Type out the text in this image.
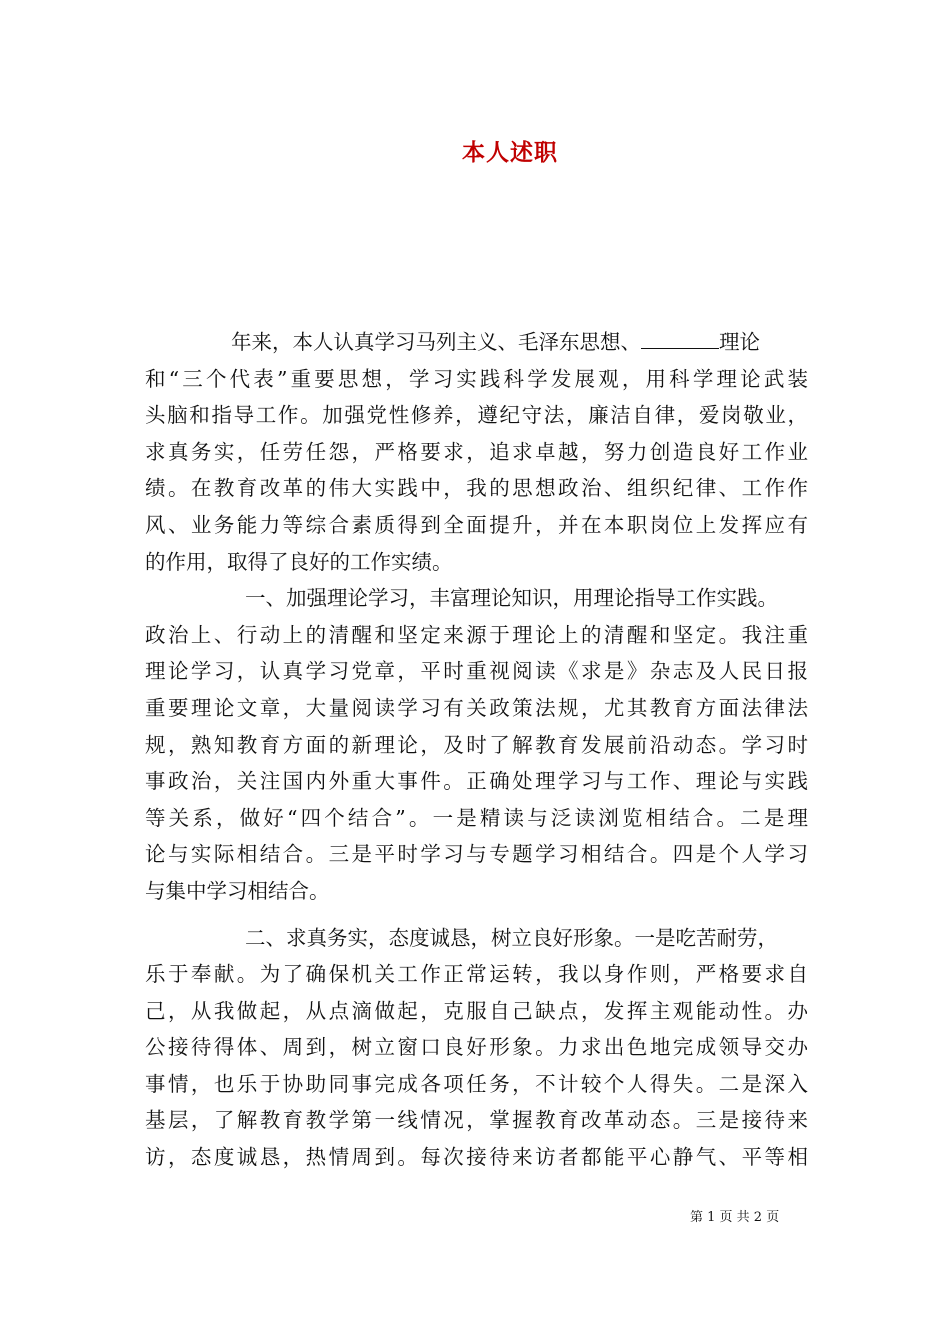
本人述职
年来，本人认真学习马列主义、毛泽东思想、	理论
和“三个代表”重要思想，学习实践科学发展观，用科学理论武装
头脑和指导工作。加强党性修养，遵纪守法，廉洁自律，爱岗敬业，
求真务实，任劳任怨，严格要求，追求卓越，努力创造良好工作业
绩。在教育改革的伟大实践中，我的思想政治、组织纪律、工作作
风、业务能力等综合素质得到全面提升，并在本职岗位上发挥应有
的作用，取得了良好的工作实绩。
一、加强理论学习，丰富理论知识，用理论指导工作实践。
政治上、行动上的清醒和坚定来源于理论上的清醒和坚定。我注重
理论学习，认真学习党章，平时重视阅读《求是》杂志及人民日报
重要理论文章，大量阅读学习有关政策法规，尤其教育方面法律法
规，熟知教育方面的新理论，及时了解教育发展前沿动态。学习时
事政治，关注国内外重大事件。正确处理学习与工作、理论与实践
等关系，做好“四个结合”。一是精读与泛读浏览相结合。二是理
论与实际相结合。三是平时学习与专题学习相结合。四是个人学习
与集中学习相结合。
二、求真务实，态度诚恳，树立良好形象。一是吃苦耐劳，
乐于奉献。为了确保机关工作正常运转，我以身作则，严格要求自
己，从我做起，从点滴做起，克服自己缺点，发挥主观能动性。办
公接待得体、周到，树立窗口良好形象。力求出色地完成领导交办
事情，也乐于协助同事完成各项任务，不计较个人得失。二是深入
基层，了解教育教学第一线情况，掌握教育改革动态。三是接待来
访，态度诚恳，热情周到。每次接待来访者都能平心静气、平等相
第 1 页 共 2 页
